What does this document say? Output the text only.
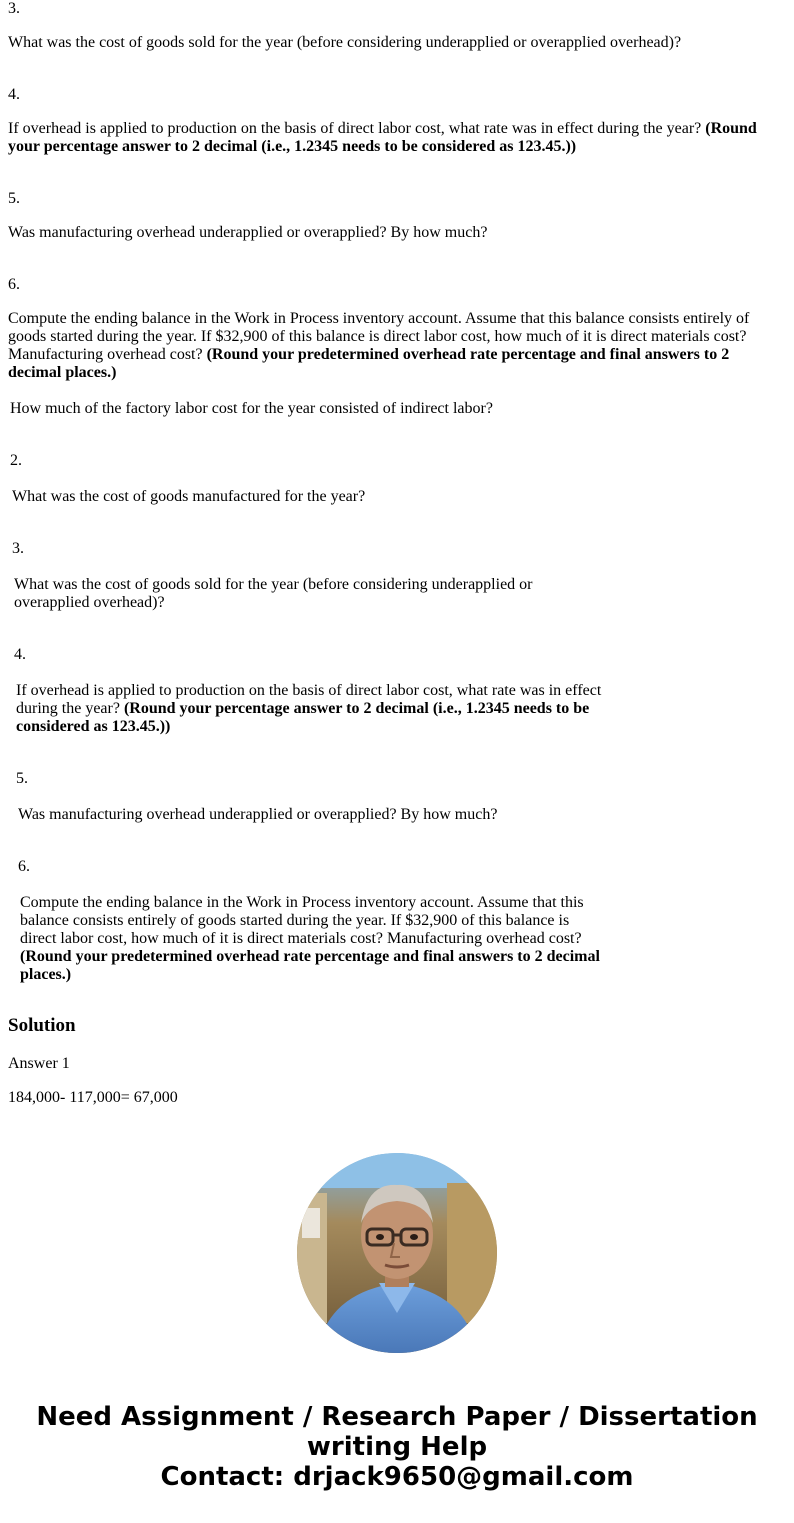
3.

What was the cost of goods sold for the year (before considering underapplied or overapplied overhead)?

4.

If overhead is applied to production on the basis of direct labor cost, what rate was in effect during the year? (Round your percentage answer to 2 decimal (i.e., 1.2345 needs to be considered as 123.45.))

5.

Was manufacturing overhead underapplied or overapplied? By how much?

6.

Compute the ending balance in the Work in Process inventory account. Assume that this balance consists entirely of goods started during the year. If $32,900 of this balance is direct labor cost, how much of it is direct materials cost? Manufacturing overhead cost? (Round your predetermined overhead rate percentage and final answers to 2 decimal places.)

How much of the factory labor cost for the year consisted of indirect labor?

2.

What was the cost of goods manufactured for the year?

3.

What was the cost of goods sold for the year (before considering underapplied or overapplied overhead)?

4.

If overhead is applied to production on the basis of direct labor cost, what rate was in effect during the year? (Round your percentage answer to 2 decimal (i.e., 1.2345 needs to be considered as 123.45.))

5.

Was manufacturing overhead underapplied or overapplied? By how much?

6.

Compute the ending balance in the Work in Process inventory account. Assume that this balance consists entirely of goods started during the year. If $32,900 of this balance is direct labor cost, how much of it is direct materials cost? Manufacturing overhead cost? (Round your predetermined overhead rate percentage and final answers to 2 decimal places.)

Solution

Answer 1

184,000- 117,000= 67,000

Need Assignment / Research Paper / Dissertation
writing Help
Contact: drjack9650@gmail.com
